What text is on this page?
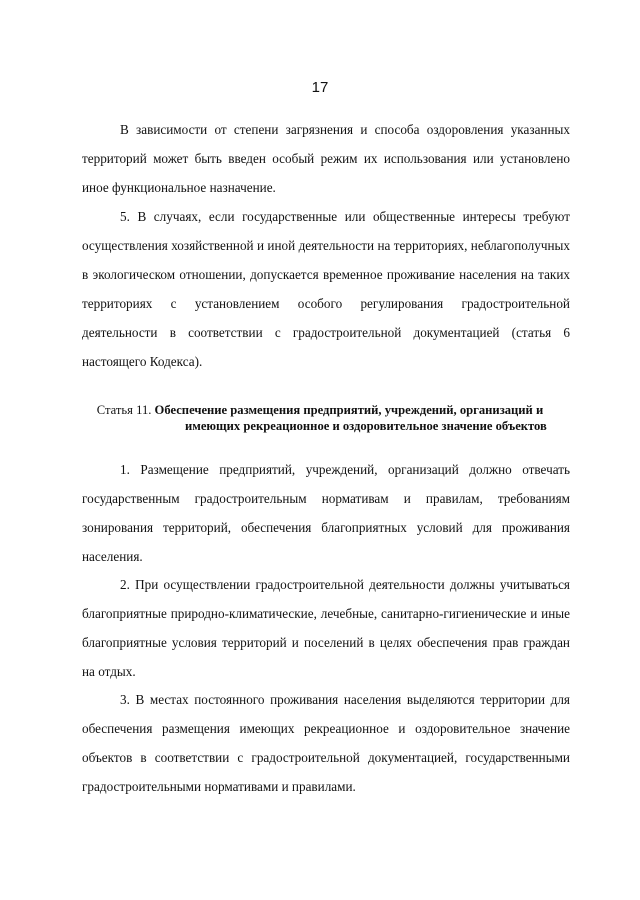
17
В зависимости от степени загрязнения и способа оздоровления указанных
территорий может быть введен особый режим их использования или установлено
иное функциональное назначение.
5. В случаях, если государственные или общественные интересы требуют
осуществления хозяйственной и иной деятельности на территориях, неблагополучных
в экологическом отношении, допускается временное проживание населения на таких
территориях с установлением особого регулирования градостроительной
деятельности в соответствии с градостроительной документацией (статья 6
настоящего Кодекса).
Статья 11. Обеспечение размещения предприятий, учреждений, организаций и
имеющих рекреационное и оздоровительное значение объектов
1. Размещение предприятий, учреждений, организаций должно отвечать
государственным градостроительным нормативам и правилам, требованиям
зонирования территорий, обеспечения благоприятных условий для проживания
населения.
2. При осуществлении градостроительной деятельности должны учитываться
благоприятные природно-климатические, лечебные, санитарно-гигиенические и иные
благоприятные условия территорий и поселений в целях обеспечения прав граждан
на отдых.
3. В местах постоянного проживания населения выделяются территории для
обеспечения размещения имеющих рекреационное и оздоровительное значение
объектов в соответствии с градостроительной документацией, государственными
градостроительными нормативами и правилами.
